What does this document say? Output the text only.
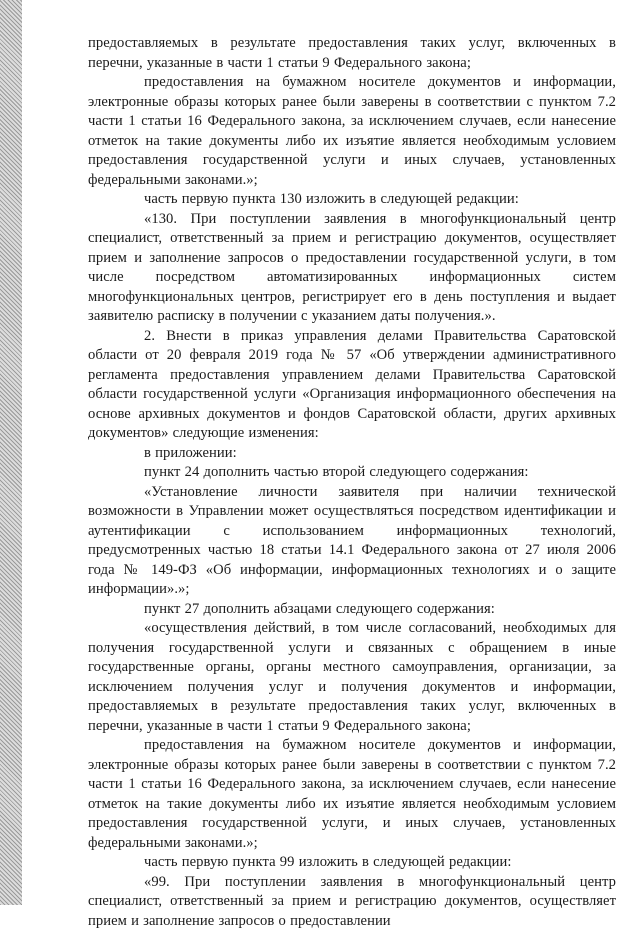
предоставляемых в результате предоставления таких услуг, включенных в перечни, указанные в части 1 статьи 9 Федерального закона;

предоставления на бумажном носителе документов и информации, электронные образы которых ранее были заверены в соответствии с пунктом 7.2 части 1 статьи 16 Федерального закона, за исключением случаев, если нанесение отметок на такие документы либо их изъятие является необходимым условием предоставления государственной услуги и иных случаев, установленных федеральными законами.»;

часть первую пункта 130 изложить в следующей редакции:

«130. При поступлении заявления в многофункциональный центр специалист, ответственный за прием и регистрацию документов, осуществляет прием и заполнение запросов о предоставлении государственной услуги, в том числе посредством автоматизированных информационных систем многофункциональных центров, регистрирует его в день поступления и выдает заявителю расписку в получении с указанием даты получения.».

2. Внести в приказ управления делами Правительства Саратовской области от 20 февраля 2019 года № 57 «Об утверждении административного регламента предоставления управлением делами Правительства Саратовской области государственной услуги «Организация информационного обеспечения на основе архивных документов и фондов Саратовской области, других архивных документов» следующие изменения:

в приложении:

пункт 24 дополнить частью второй следующего содержания:

«Установление личности заявителя при наличии технической возможности в Управлении может осуществляться посредством идентификации и аутентификации с использованием информационных технологий, предусмотренных частью 18 статьи 14.1 Федерального закона от 27 июля 2006 года № 149-ФЗ «Об информации, информационных технологиях и о защите информации».»;

пункт 27 дополнить абзацами следующего содержания:

«осуществления действий, в том числе согласований, необходимых для получения государственной услуги и связанных с обращением в иные государственные органы, органы местного самоуправления, организации, за исключением получения услуг и получения документов и информации, предоставляемых в результате предоставления таких услуг, включенных в перечни, указанные в части 1 статьи 9 Федерального закона;

предоставления на бумажном носителе документов и информации, электронные образы которых ранее были заверены в соответствии с пунктом 7.2 части 1 статьи 16 Федерального закона, за исключением случаев, если нанесение отметок на такие документы либо их изъятие является необходимым условием предоставления государственной услуги, и иных случаев, установленных федеральными законами.»;

часть первую пункта 99 изложить в следующей редакции:

«99. При поступлении заявления в многофункциональный центр специалист, ответственный за прием и регистрацию документов, осуществляет прием и заполнение запросов о предоставлении
